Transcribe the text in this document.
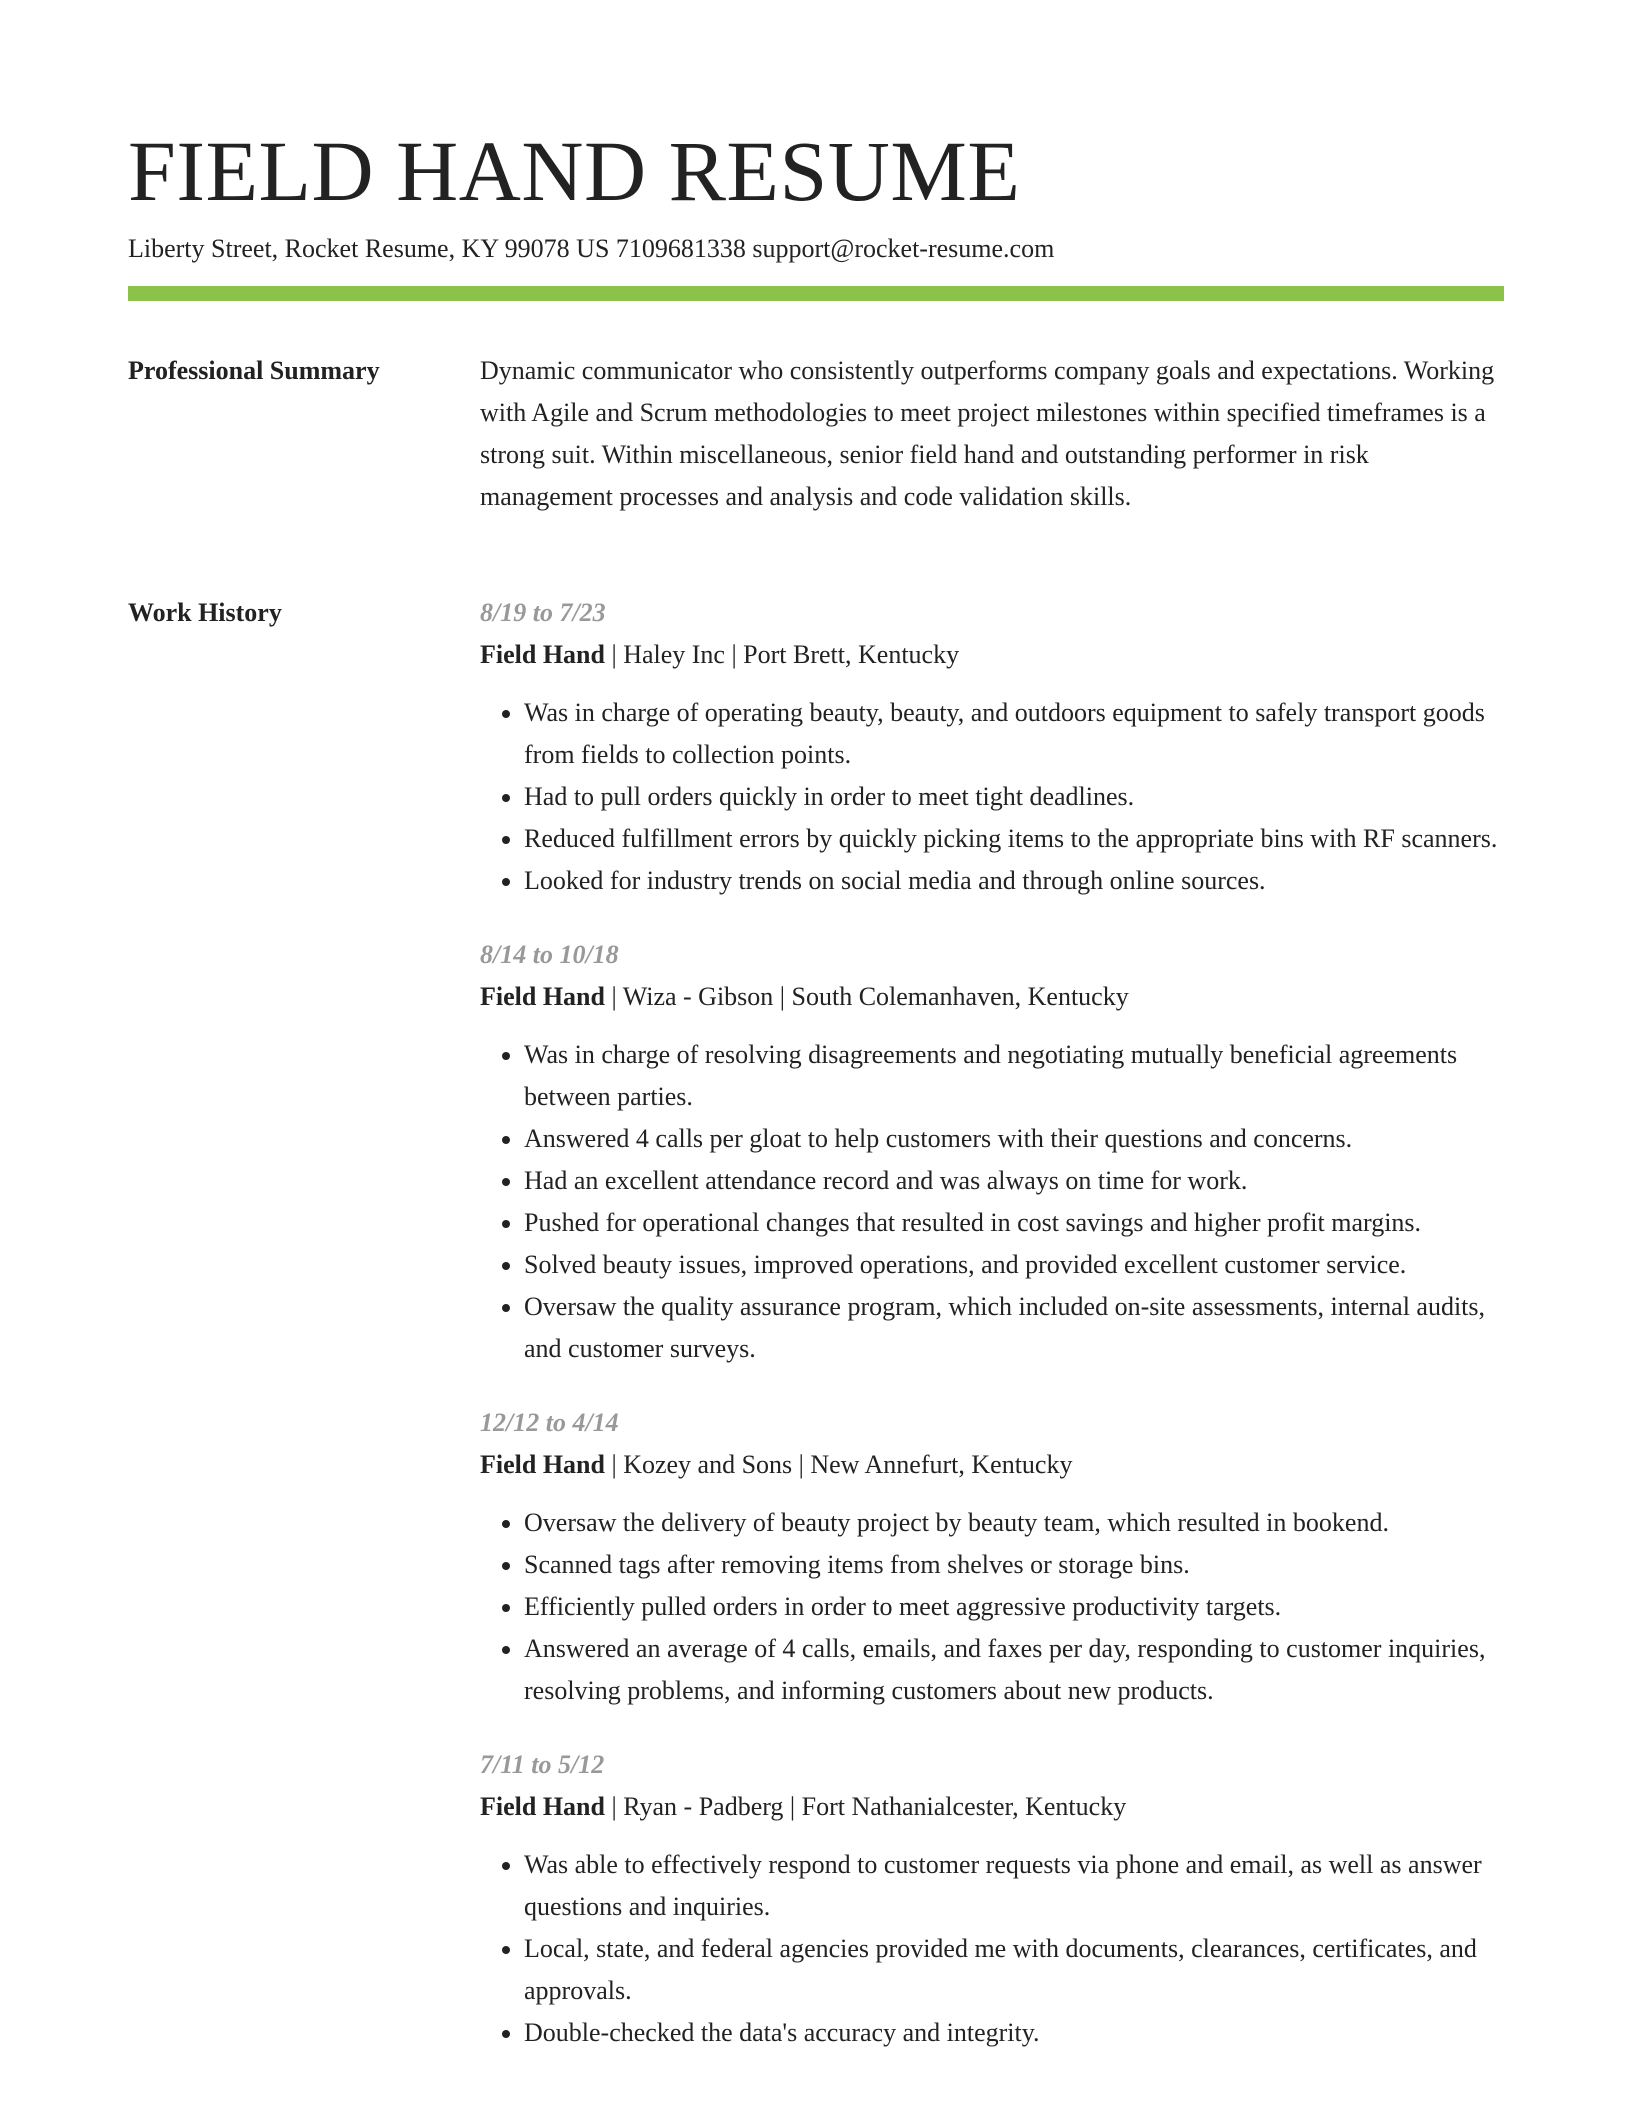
FIELD HAND RESUME
Liberty Street, Rocket Resume, KY 99078 US 7109681338 support@rocket-resume.com
Professional Summary	Dynamic communicator who consistently outperforms company goals and expectations. Working with Agile and Scrum methodologies to meet project milestones within specified timeframes is a strong suit. Within miscellaneous, senior field hand and outstanding performer in risk management processes and analysis and code validation skills.

Work History	8/19 to 7/23
Field Hand | Haley Inc | Port Brett, Kentucky
• Was in charge of operating beauty, beauty, and outdoors equipment to safely transport goods from fields to collection points.
• Had to pull orders quickly in order to meet tight deadlines.
• Reduced fulfillment errors by quickly picking items to the appropriate bins with RF scanners.
• Looked for industry trends on social media and through online sources.
8/14 to 10/18
Field Hand | Wiza - Gibson | South Colemanhaven, Kentucky
• Was in charge of resolving disagreements and negotiating mutually beneficial agreements between parties.
• Answered 4 calls per gloat to help customers with their questions and concerns.
• Had an excellent attendance record and was always on time for work.
• Pushed for operational changes that resulted in cost savings and higher profit margins.
• Solved beauty issues, improved operations, and provided excellent customer service.
• Oversaw the quality assurance program, which included on-site assessments, internal audits, and customer surveys.
12/12 to 4/14
Field Hand | Kozey and Sons | New Annefurt, Kentucky
• Oversaw the delivery of beauty project by beauty team, which resulted in bookend.
• Scanned tags after removing items from shelves or storage bins.
• Efficiently pulled orders in order to meet aggressive productivity targets.
• Answered an average of 4 calls, emails, and faxes per day, responding to customer inquiries, resolving problems, and informing customers about new products.
7/11 to 5/12
Field Hand | Ryan - Padberg | Fort Nathanialcester, Kentucky
• Was able to effectively respond to customer requests via phone and email, as well as answer questions and inquiries.
• Local, state, and federal agencies provided me with documents, clearances, certificates, and approvals.
• Double-checked the data's accuracy and integrity.
